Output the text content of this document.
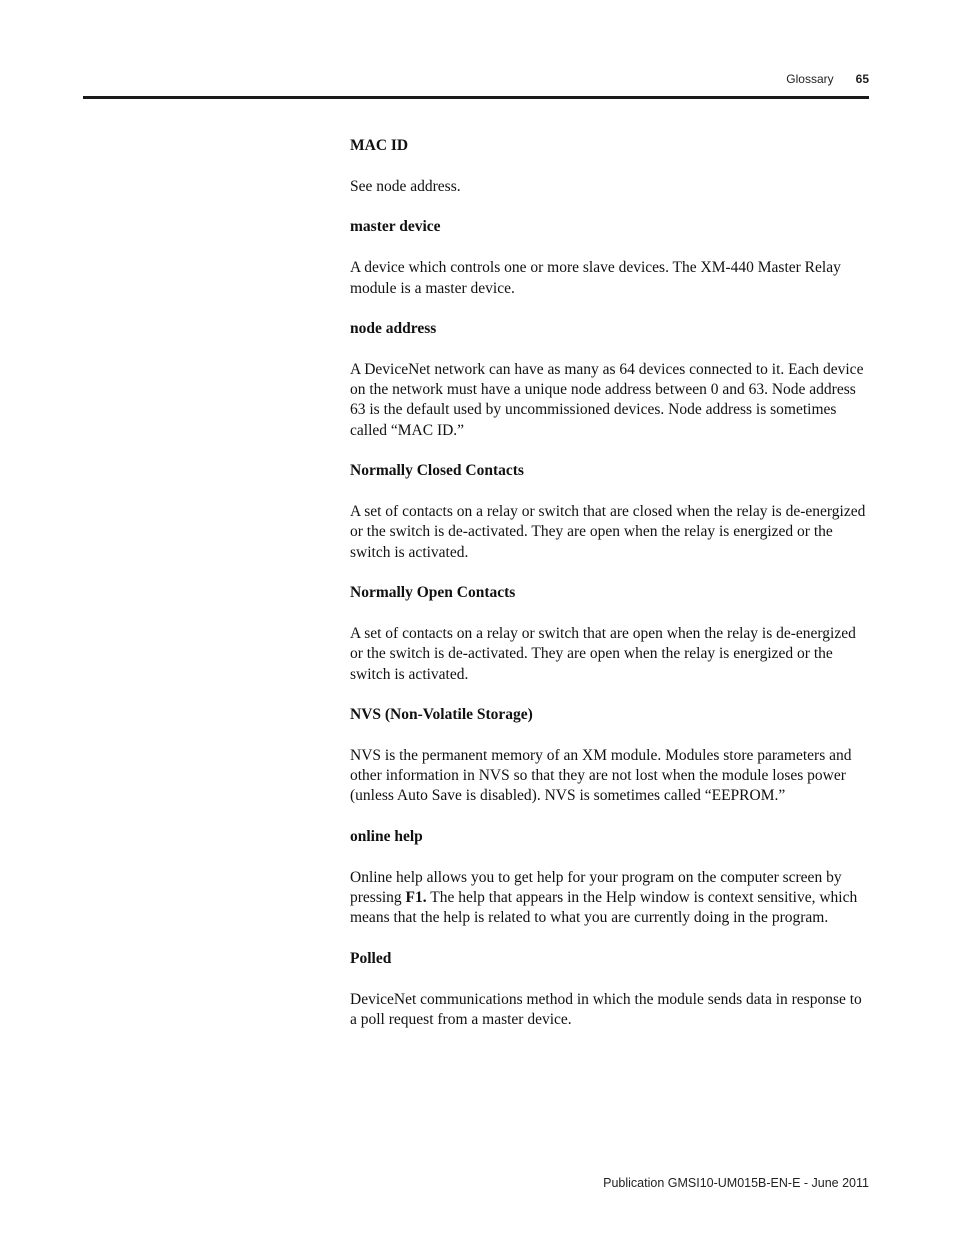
Glossary 65
MAC ID
See node address.
master device
A device which controls one or more slave devices. The XM-440 Master Relay module is a master device.
node address
A DeviceNet network can have as many as 64 devices connected to it. Each device on the network must have a unique node address between 0 and 63. Node address 63 is the default used by uncommissioned devices. Node address is sometimes called “MAC ID.”
Normally Closed Contacts
A set of contacts on a relay or switch that are closed when the relay is de-energized or the switch is de-activated. They are open when the relay is energized or the switch is activated.
Normally Open Contacts
A set of contacts on a relay or switch that are open when the relay is de-energized or the switch is de-activated. They are open when the relay is energized or the switch is activated.
NVS (Non-Volatile Storage)
NVS is the permanent memory of an XM module. Modules store parameters and other information in NVS so that they are not lost when the module loses power (unless Auto Save is disabled). NVS is sometimes called “EEPROM.”
online help
Online help allows you to get help for your program on the computer screen by pressing F1. The help that appears in the Help window is context sensitive, which means that the help is related to what you are currently doing in the program.
Polled
DeviceNet communications method in which the module sends data in response to a poll request from a master device.
Publication GMSI10-UM015B-EN-E - June 2011
